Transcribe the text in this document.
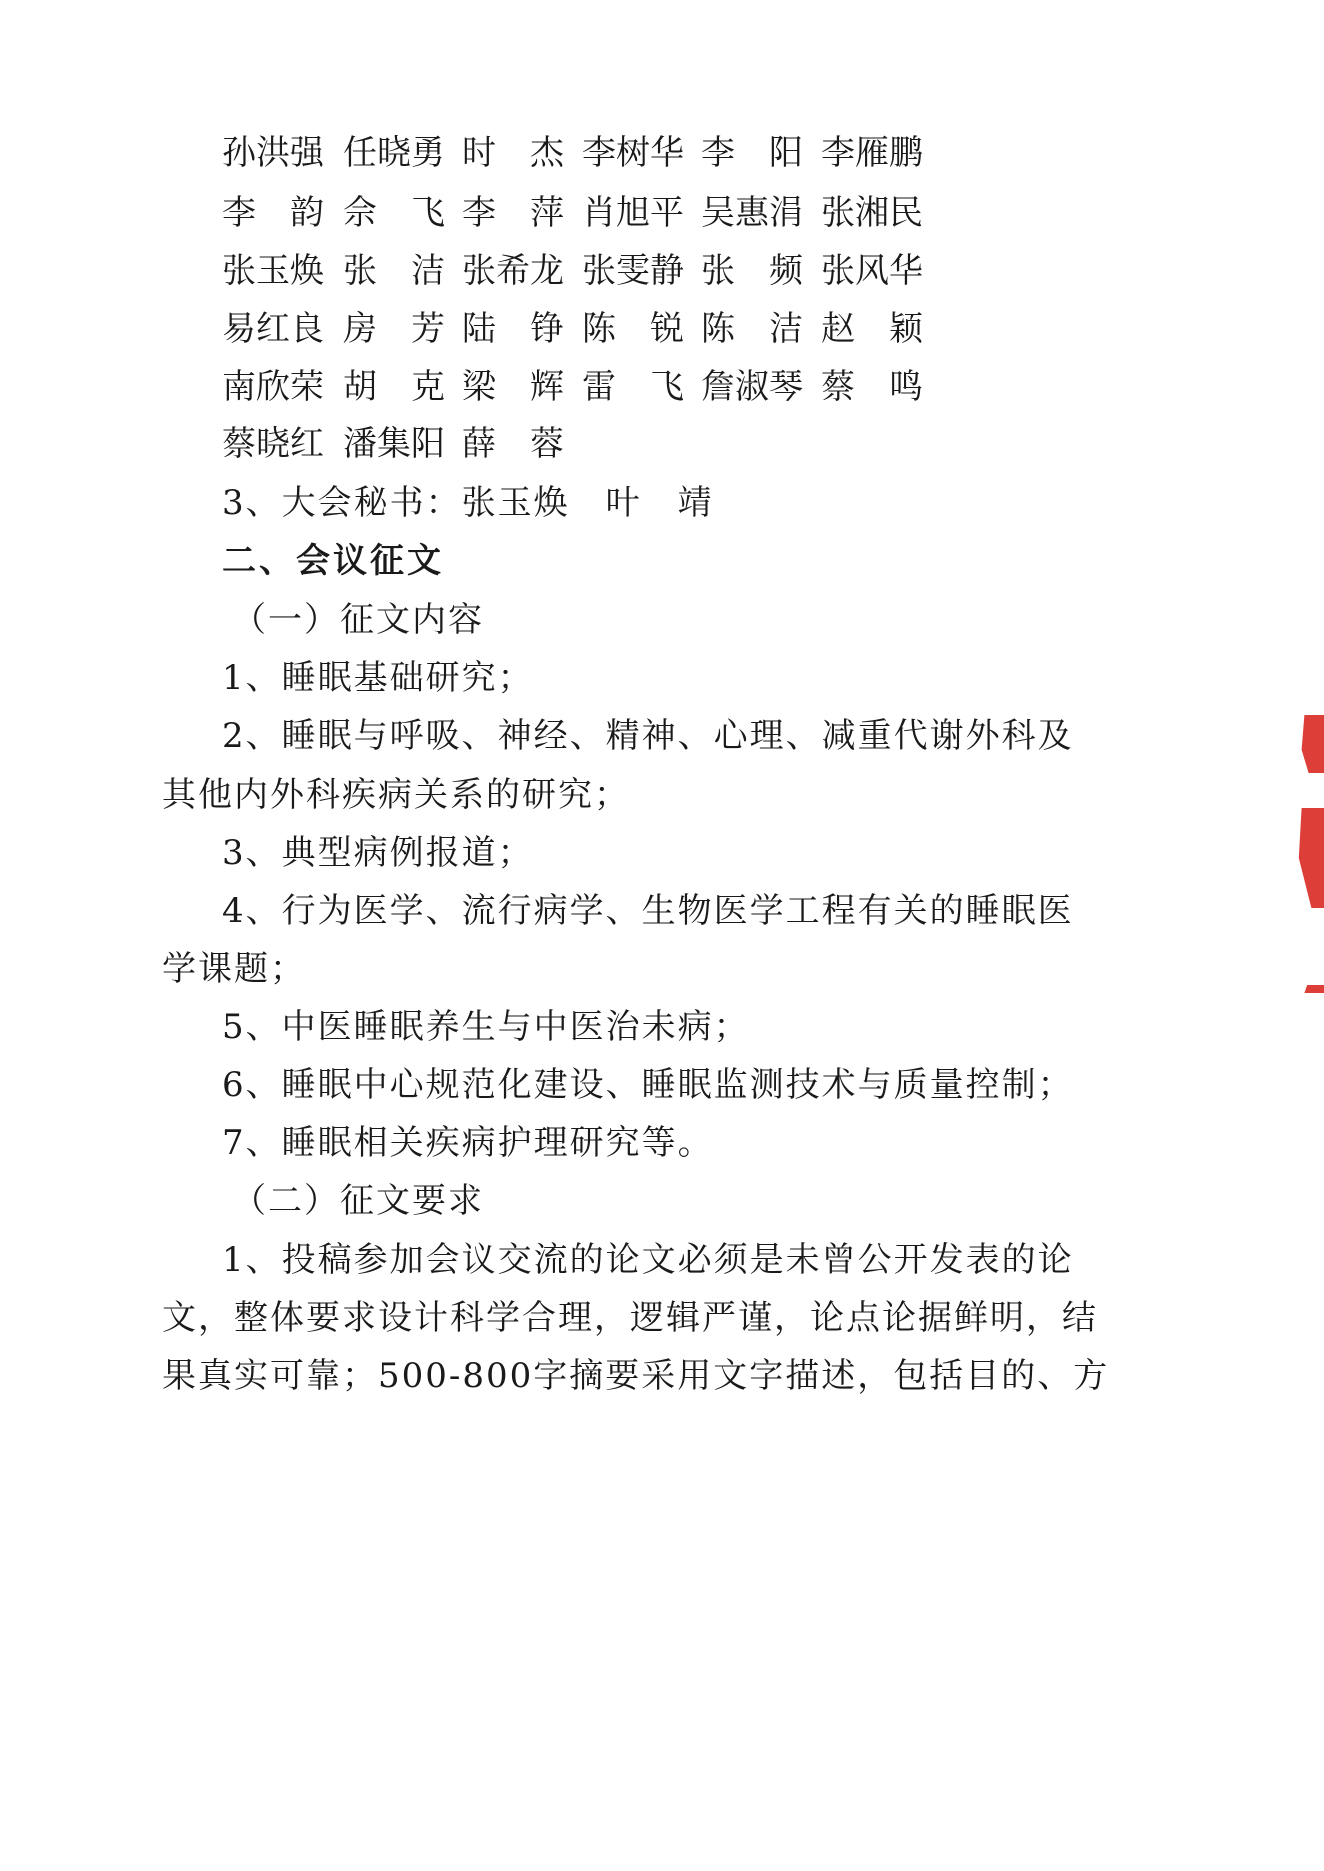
孙洪强 任晓勇 时　杰 李树华 李　阳 李雁鹏
李　韵 佘　飞 李　萍 肖旭平 吴惠涓 张湘民
张玉焕 张　洁 张希龙 张雯静 张　频 张风华
易红良 房　芳 陆　铮 陈　锐 陈　洁 赵　颖
南欣荣 胡　克 梁　辉 雷　飞 詹淑琴 蔡　鸣
蔡晓红 潘集阳 薛　蓉
3、大会秘书：张玉焕　叶　靖
二、会议征文
（一）征文内容
1、睡眠基础研究；
2、睡眠与呼吸、神经、精神、心理、减重代谢外科及
其他内外科疾病关系的研究；
3、典型病例报道；
4、行为医学、流行病学、生物医学工程有关的睡眠医
学课题；
5、中医睡眠养生与中医治未病；
6、睡眠中心规范化建设、睡眠监测技术与质量控制；
7、睡眠相关疾病护理研究等。
（二）征文要求
1、投稿参加会议交流的论文必须是未曾公开发表的论
文，整体要求设计科学合理，逻辑严谨，论点论据鲜明，结
果真实可靠；500-800字摘要采用文字描述，包括目的、方
